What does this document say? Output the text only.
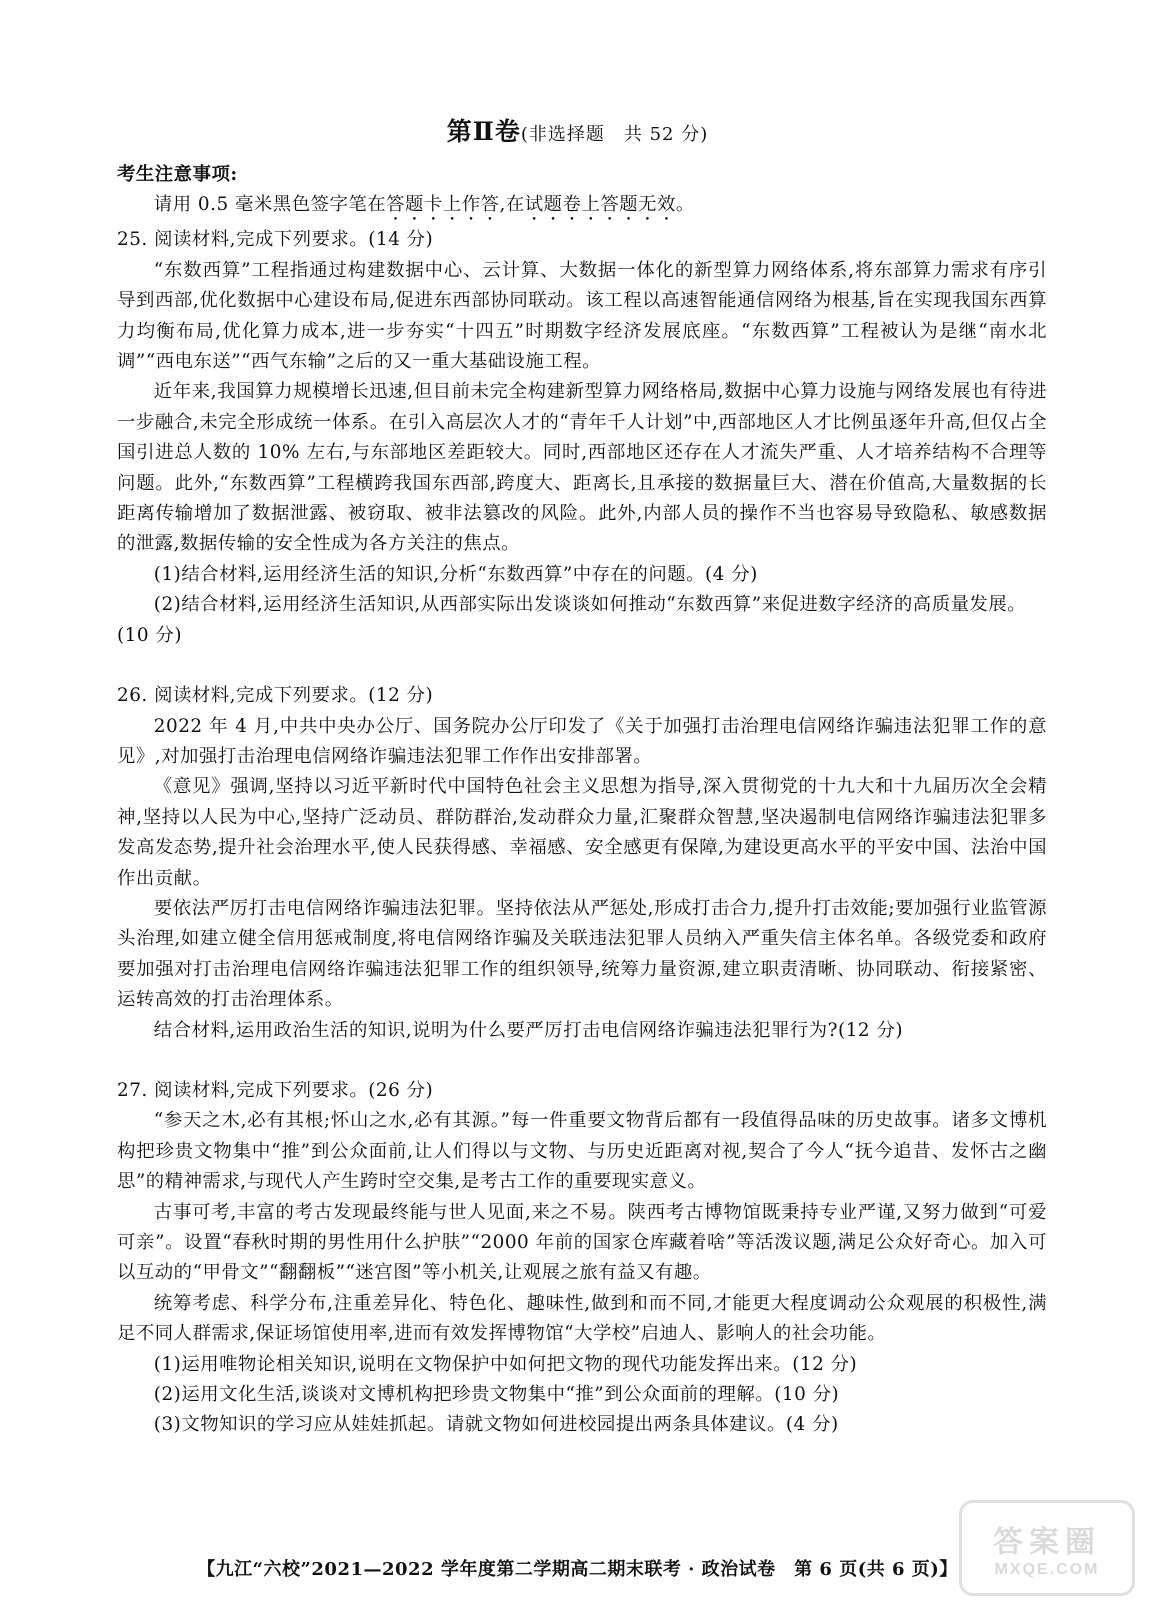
第Ⅱ卷(非选择题　共 52 分)
考生注意事项:
请用 0.5 毫米黑色签字笔在答题卡上作答,在试题卷上答题无效。
25. 阅读材料,完成下列要求。(14 分)

“东数西算”工程指通过构建数据中心、云计算、大数据一体化的新型算力网络体系,将东部算力需求有序引导到西部,优化数据中心建设布局,促进东西部协同联动。该工程以高速智能通信网络为根基,旨在实现我国东西算力均衡布局,优化算力成本,进一步夯实“十四五”时期数字经济发展底座。“东数西算”工程被认为是继“南水北调”“西电东送”“西气东输”之后的又一重大基础设施工程。

近年来,我国算力规模增长迅速,但目前未完全构建新型算力网络格局,数据中心算力设施与网络发展也有待进一步融合,未完全形成统一体系。在引入高层次人才的“青年千人计划”中,西部地区人才比例虽逐年升高,但仅占全国引进总人数的 10% 左右,与东部地区差距较大。同时,西部地区还存在人才流失严重、人才培养结构不合理等问题。此外,“东数西算”工程横跨我国东西部,跨度大、距离长,且承接的数据量巨大、潜在价值高,大量数据的长距离传输增加了数据泄露、被窃取、被非法篡改的风险。此外,内部人员的操作不当也容易导致隐私、敏感数据的泄露,数据传输的安全性成为各方关注的焦点。

(1)结合材料,运用经济生活的知识,分析“东数西算”中存在的问题。(4 分)

(2)结合材料,运用经济生活知识,从西部实际出发谈谈如何推动“东数西算”来促进数字经济的高质量发展。(10 分)

26. 阅读材料,完成下列要求。(12 分)

2022 年 4 月,中共中央办公厅、国务院办公厅印发了《关于加强打击治理电信网络诈骗违法犯罪工作的意见》,对加强打击治理电信网络诈骗违法犯罪工作作出安排部署。

《意见》强调,坚持以习近平新时代中国特色社会主义思想为指导,深入贯彻党的十九大和十九届历次全会精神,坚持以人民为中心,坚持广泛动员、群防群治,发动群众力量,汇聚群众智慧,坚决遏制电信网络诈骗违法犯罪多发高发态势,提升社会治理水平,使人民获得感、幸福感、安全感更有保障,为建设更高水平的平安中国、法治中国作出贡献。

要依法严厉打击电信网络诈骗违法犯罪。坚持依法从严惩处,形成打击合力,提升打击效能;要加强行业监管源头治理,如建立健全信用惩戒制度,将电信网络诈骗及关联违法犯罪人员纳入严重失信主体名单。各级党委和政府要加强对打击治理电信网络诈骗违法犯罪工作的组织领导,统筹力量资源,建立职责清晰、协同联动、衔接紧密、运转高效的打击治理体系。

结合材料,运用政治生活的知识,说明为什么要严厉打击电信网络诈骗违法犯罪行为?(12 分)

27. 阅读材料,完成下列要求。(26 分)

“参天之木,必有其根;怀山之水,必有其源。”每一件重要文物背后都有一段值得品味的历史故事。诸多文博机构把珍贵文物集中“推”到公众面前,让人们得以与文物、与历史近距离对视,契合了今人“抚今追昔、发怀古之幽思”的精神需求,与现代人产生跨时空交集,是考古工作的重要现实意义。

古事可考,丰富的考古发现最终能与世人见面,来之不易。陕西考古博物馆既秉持专业严谨,又努力做到“可爱可亲”。设置“春秋时期的男性用什么护肤”“2000 年前的国家仓库藏着啥”等活泼议题,满足公众好奇心。加入可以互动的“甲骨文”“翻翻板”“迷宫图”等小机关,让观展之旅有益又有趣。

统筹考虑、科学分布,注重差异化、特色化、趣味性,做到和而不同,才能更大程度调动公众观展的积极性,满足不同人群需求,保证场馆使用率,进而有效发挥博物馆“大学校”启迪人、影响人的社会功能。

(1)运用唯物论相关知识,说明在文物保护中如何把文物的现代功能发挥出来。(12 分)

(2)运用文化生活,谈谈对文博机构把珍贵文物集中“推”到公众面前的理解。(10 分)

(3)文物知识的学习应从娃娃抓起。请就文物如何进校园提出两条具体建议。(4 分)

【九江“六校”2021—2022 学年度第二学期高二期末联考 · 政治试卷　第 6 页(共 6 页)】
答案圈
MXQE.COM
